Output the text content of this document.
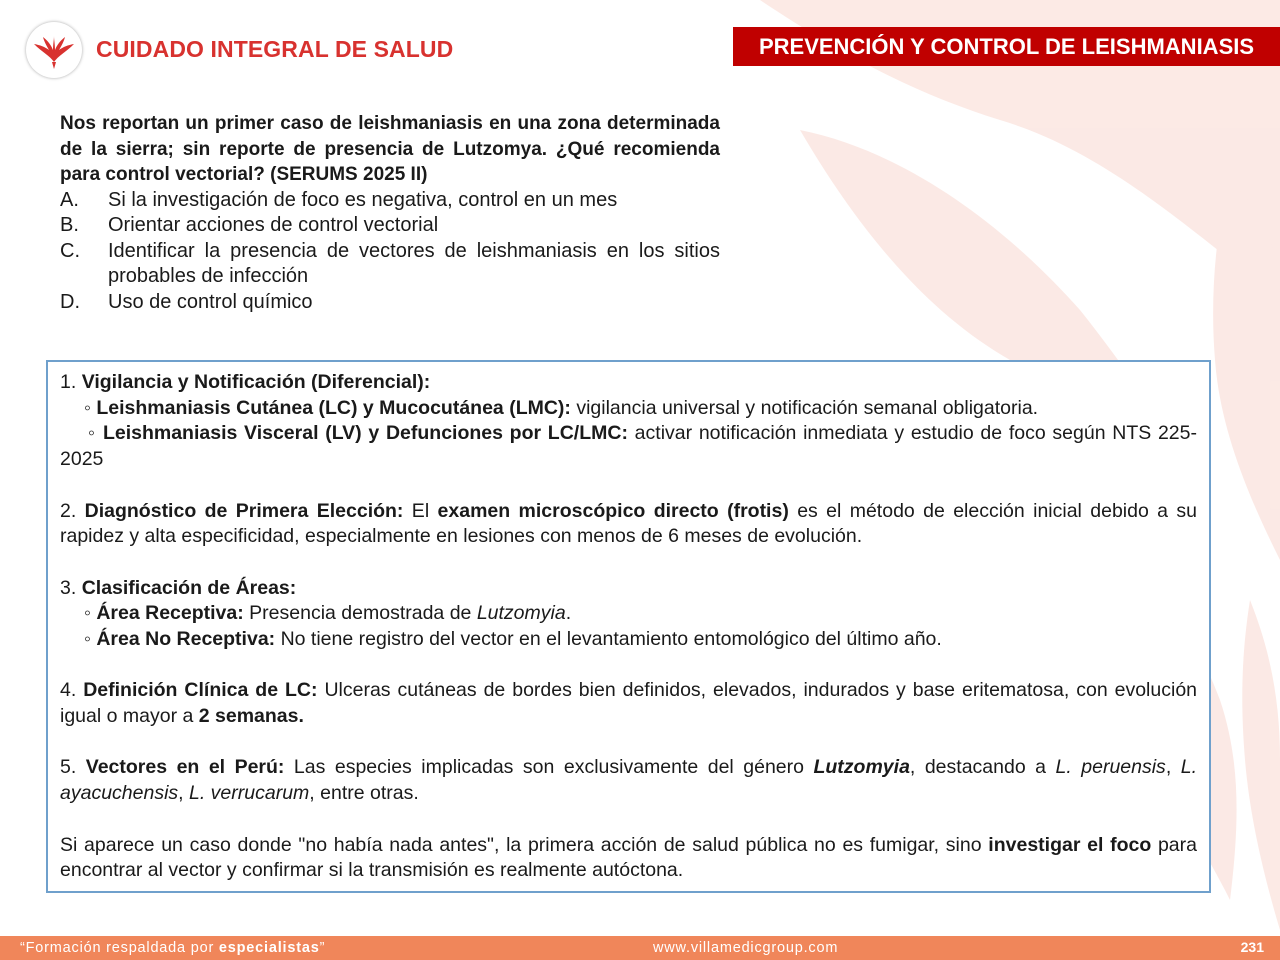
CUIDADO INTEGRAL DE SALUD	PREVENCIÓN Y CONTROL DE LEISHMANIASIS

Nos reportan un primer caso de leishmaniasis en una zona determinada de la sierra; sin reporte de presencia de Lutzomya. ¿Qué recomienda para control vectorial? (SERUMS 2025 II)

A.	Si la investigación de foco es negativa, control en un mes
B.	Orientar acciones de control vectorial
C.	Identificar la presencia de vectores de leishmaniasis en los sitios probables de infección
D.	Uso de control químico

1. Vigilancia y Notificación (Diferencial):

◦ Leishmaniasis Cutánea (LC) y Mucocutánea (LMC): vigilancia universal y notificación semanal obligatoria.

◦ Leishmaniasis Visceral (LV) y Defunciones por LC/LMC: activar notificación inmediata y estudio de foco según NTS 225-2025

2. Diagnóstico de Primera Elección: El examen microscópico directo (frotis) es el método de elección inicial debido a su rapidez y alta especificidad, especialmente en lesiones con menos de 6 meses de evolución.

3. Clasificación de Áreas:

◦ Área Receptiva: Presencia demostrada de Lutzomyia.

◦ Área No Receptiva: No tiene registro del vector en el levantamiento entomológico del último año.

4. Definición Clínica de LC: Ulceras cutáneas de bordes bien definidos, elevados, indurados y base eritematosa, con evolución igual o mayor a 2 semanas.

5. Vectores en el Perú: Las especies implicadas son exclusivamente del género Lutzomyia, destacando a L. peruensis, L. ayacuchensis, L. verrucarum, entre otras.

Si aparece un caso donde "no había nada antes", la primera acción de salud pública no es fumigar, sino investigar el foco para encontrar al vector y confirmar si la transmisión es realmente autóctona.

“Formación respaldada por especialistas”	www.villamedicgroup.com	231
